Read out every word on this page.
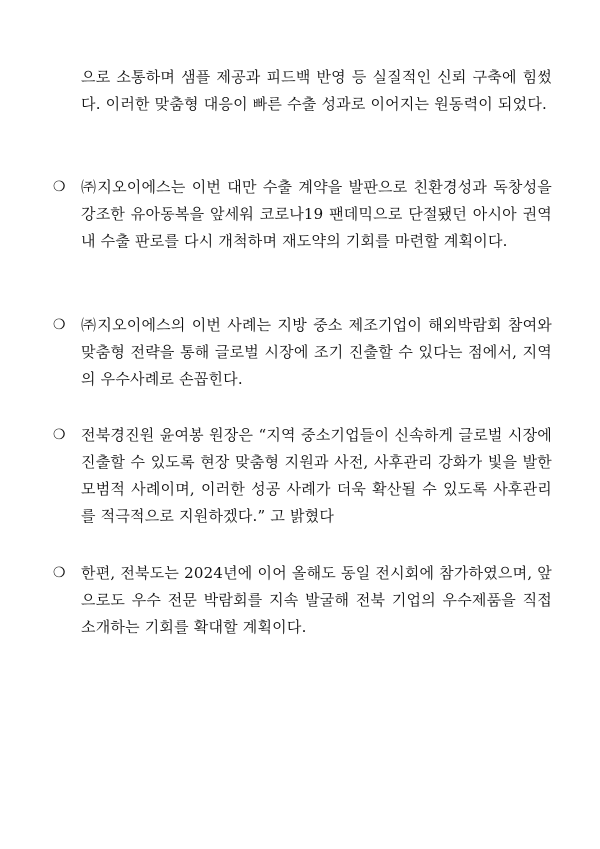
으로 소통하며 샘플 제공과 피드백 반영 등 실질적인 신뢰 구축에 힘썼다. 이러한 맞춤형 대응이 빠른 수출 성과로 이어지는 원동력이 되었다.
❍ ㈜지오이에스는 이번 대만 수출 계약을 발판으로 친환경성과 독창성을 강조한 유아동복을 앞세워 코로나19 팬데믹으로 단절됐던 아시아 권역 내 수출 판로를 다시 개척하며 재도약의 기회를 마련할 계획이다.
❍ ㈜지오이에스의 이번 사례는 지방 중소 제조기업이 해외박람회 참여와 맞춤형 전략을 통해 글로벌 시장에 조기 진출할 수 있다는 점에서, 지역의 우수사례로 손꼽힌다.
❍ 전북경진원 윤여봉 원장은 “지역 중소기업들이 신속하게 글로벌 시장에 진출할 수 있도록 현장 맞춤형 지원과 사전, 사후관리 강화가 빛을 발한 모범적 사례이며, 이러한 성공 사례가 더욱 확산될 수 있도록 사후관리를 적극적으로 지원하겠다.” 고 밝혔다
❍ 한편, 전북도는 2024년에 이어 올해도 동일 전시회에 참가하였으며, 앞으로도 우수 전문 박람회를 지속 발굴해 전북 기업의 우수제품을 직접 소개하는 기회를 확대할 계획이다.
